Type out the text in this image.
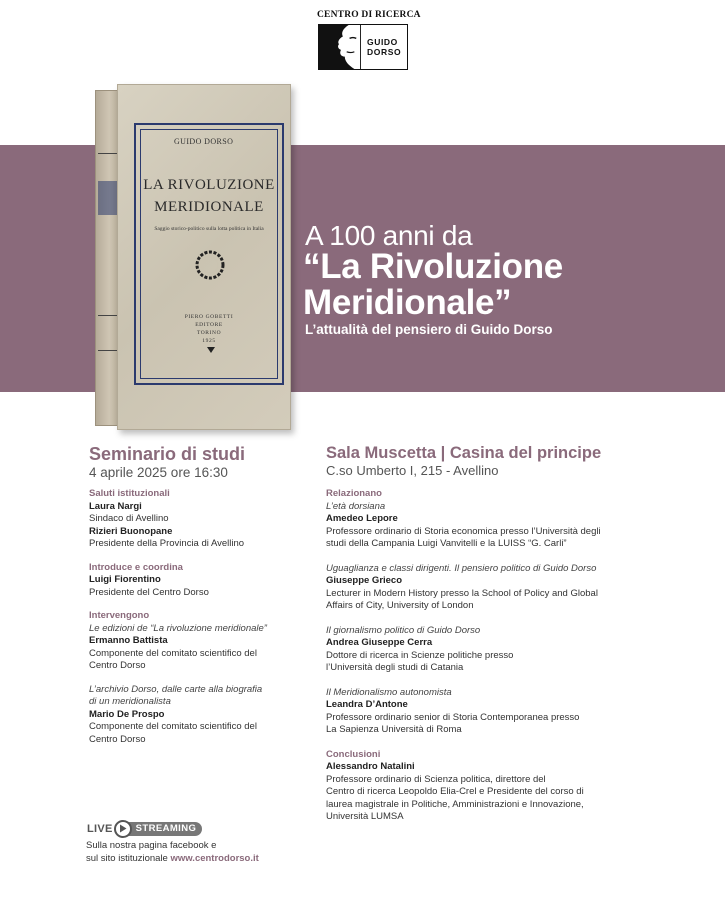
CENTRO DI RICERCA
GUIDO
DORSO
A 100 anni da
“La Rivoluzione
Meridionale”
L’attualità del pensiero di Guido Dorso
GUIDO DORSO
LA RIVOLUZIONE
MERIDIONALE
Saggio storico-politico sulla lotta politica in Italia
PIERO GOBETTI
EDITORE
TORINO
1925
Seminario di studi
4 aprile 2025 ore 16:30
Saluti istituzionali
Laura Nargi
Sindaco di Avellino
Rizieri Buonopane
Presidente della Provincia di Avellino
Introduce e coordina
Luigi Fiorentino
Presidente del Centro Dorso
Intervengono
Le edizioni de “La rivoluzione meridionale”
Ermanno Battista
Componente del comitato scientifico del
Centro Dorso
L’archivio Dorso, dalle carte alla biografia
di un meridionalista
Mario De Prospo
Componente del comitato scientifico del
Centro Dorso
Sala Muscetta | Casina del principe
C.so Umberto I, 215 - Avellino
Relazionano
L’età dorsiana
Amedeo Lepore
Professore ordinario di Storia economica presso l’Università degli
studi della Campania Luigi Vanvitelli e la LUISS “G. Carli”
Uguaglianza e classi dirigenti. Il pensiero politico di Guido Dorso
Giuseppe Grieco
Lecturer in Modern History presso la School of Policy and Global
Affairs of City, University of London
Il giornalismo politico di Guido Dorso
Andrea Giuseppe Cerra
Dottore di ricerca in Scienze politiche presso
l’Università degli studi di Catania
Il Meridionalismo autonomista
Leandra D’Antone
Professore ordinario senior di Storia Contemporanea presso
La Sapienza Università di Roma
Conclusioni
Alessandro Natalini
Professore ordinario di Scienza politica, direttore del
Centro di ricerca Leopoldo Elia-Crel e Presidente del corso di
laurea magistrale in Politiche, Amministrazioni e Innovazione,
Università LUMSA
LIVE	STREAMING
Sulla nostra pagina facebook e
sul sito istituzionale www.centrodorso.it
